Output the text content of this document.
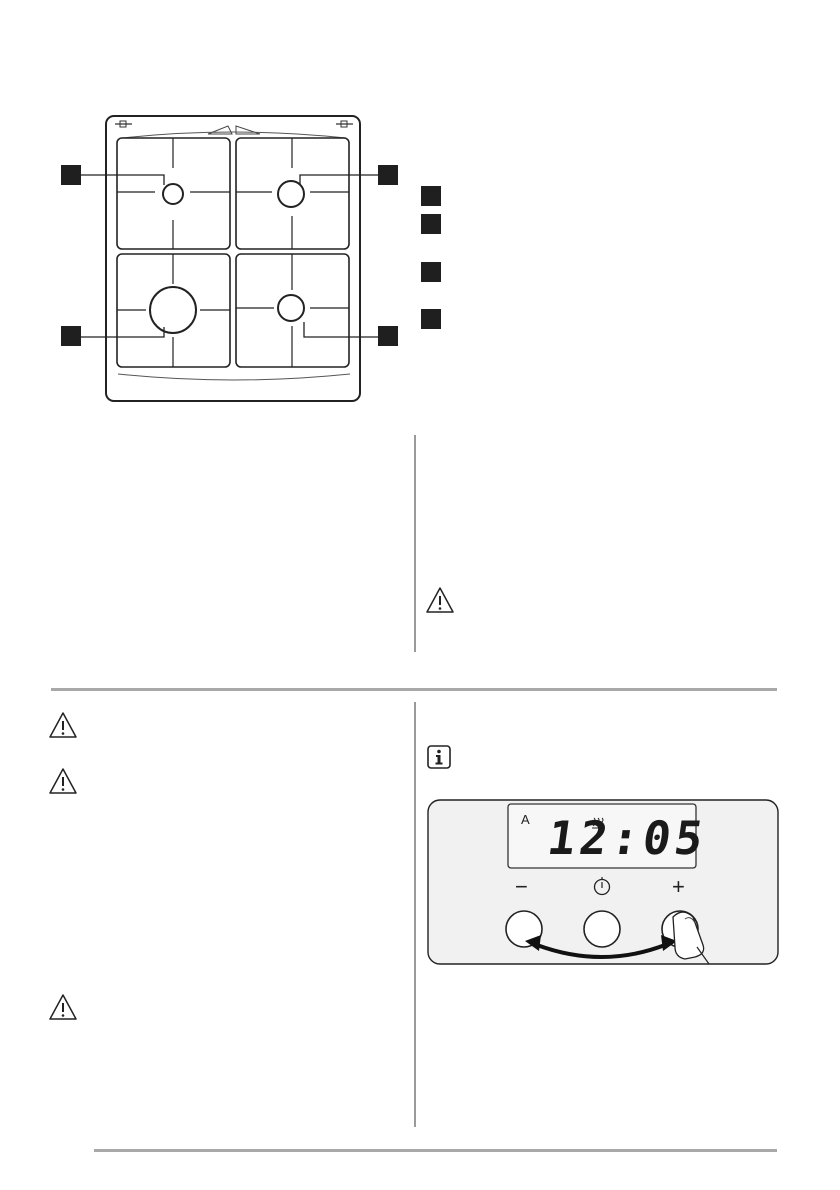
A 12:05
−	+
